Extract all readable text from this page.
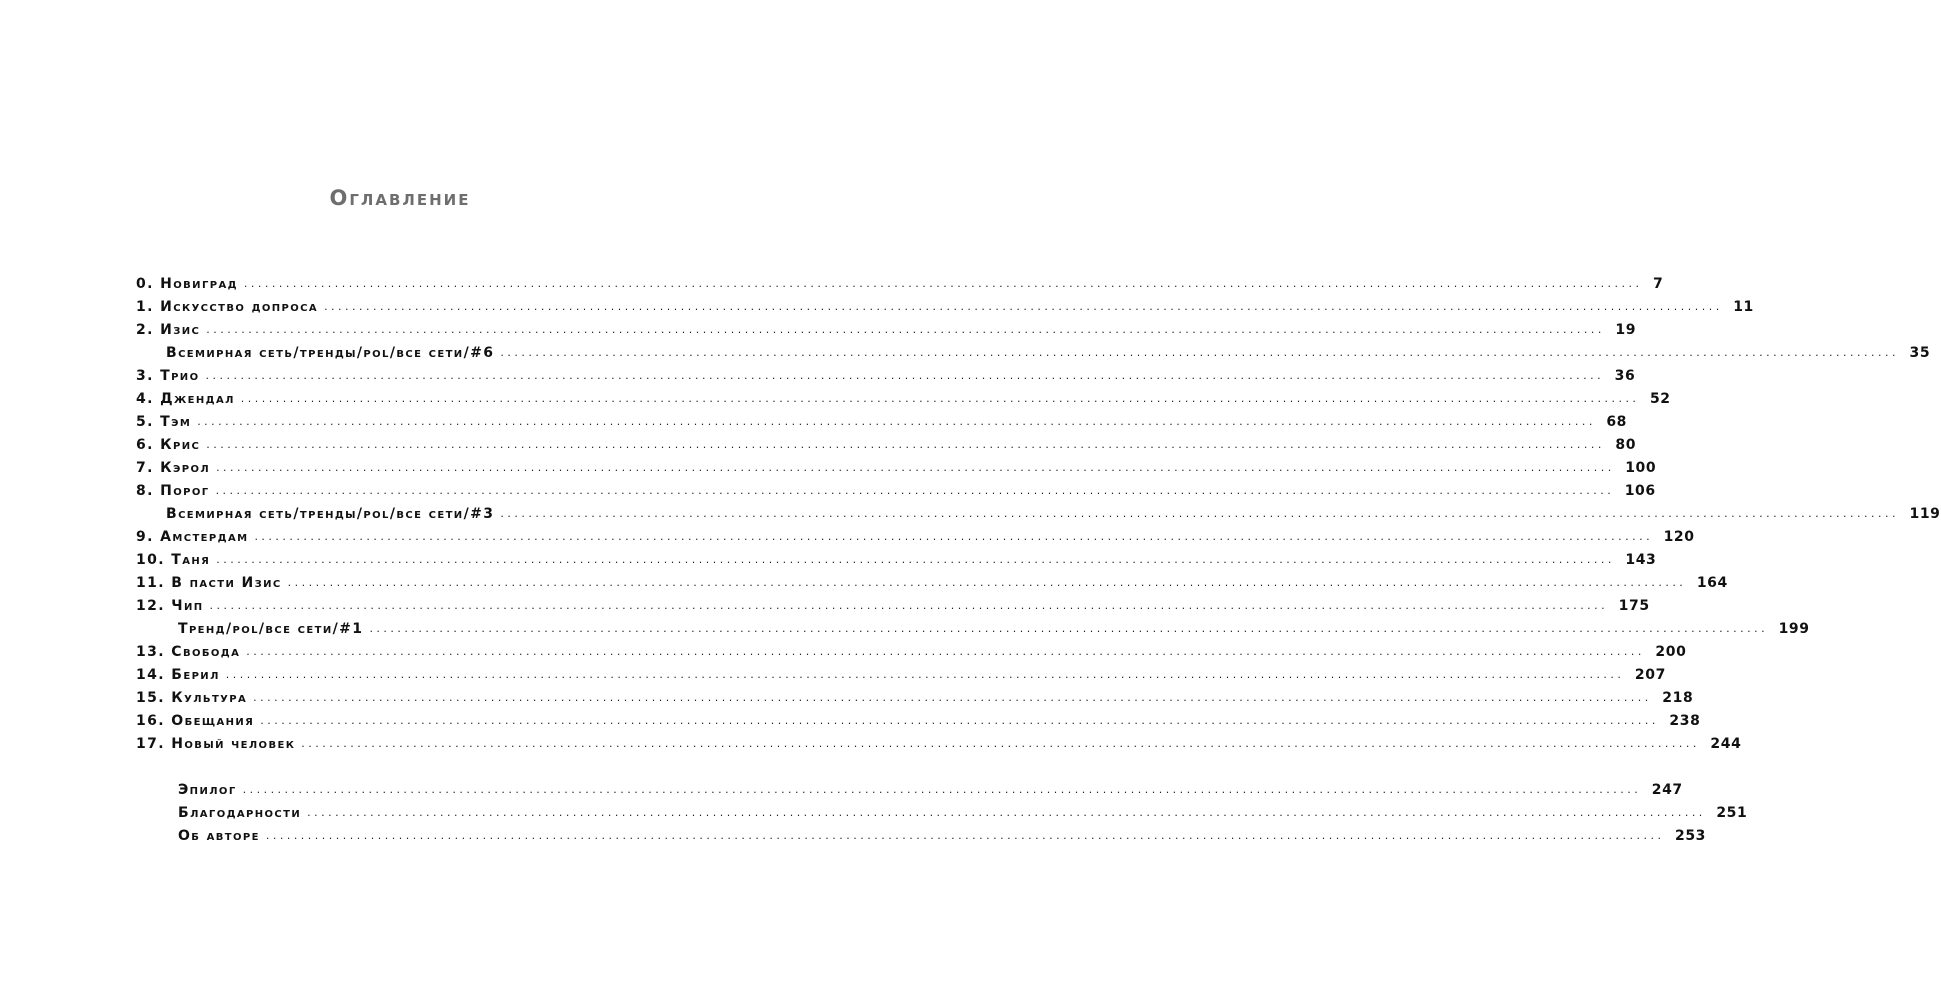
Оглавление
0. Новиград . . . . . . . . . . . . . . . . . . . . . . . . . . . . . . . . . . . . . . . . . . . . . . . . . . . . . . . . . . . . . . . . . . . . . . . . . . . . . . . . . . . . . . . . . . . . . . . . . . . . . . . . . . . . . . . . . . . . . . . . . . . . . . . . . . . . . . . . . . . . . . . . . . . . . . . . . . . . . . . . . . . . . . . . . . . . . . . . . . . . . . . . . . . . . . . . . . . . . . . . 7
1. Искусство допроса . . . . . . . . . . . . . . . . . . . . . . . . . . . . . . . . . . . . . . . . . . . . . . . . . . . . . . . . . . . . . . . . . . . . . . . . . . . . . . . . . . . . . . . . . . . . . . . . . . . . . . . . . . . . . . . . . . . . . . . . . . . . . . . . . . . . . . . . . . . . . . . . . . . . . . . . . . . . . . . . . . . . . . . . . . . . . . . . . . . . . . . . . . . . . . . . . . . . . . . . 11
2. Изис . . . . . . . . . . . . . . . . . . . . . . . . . . . . . . . . . . . . . . . . . . . . . . . . . . . . . . . . . . . . . . . . . . . . . . . . . . . . . . . . . . . . . . . . . . . . . . . . . . . . . . . . . . . . . . . . . . . . . . . . . . . . . . . . . . . . . . . . . . . . . . . . . . . . . . . . . . . . . . . . . . . . . . . . . . . . . . . . . . . . . . . . . . . . . . . . . . . . . . . . 19
Всемирная сеть/тренды/pol/все сети/#6 . . . . . . . . . . . . . . . . . . . . . . . . . . . . . . . . . . . . . . . . . . . . . . . . . . . . . . . . . . . . . . . . . . . . . . . . . . . . . . . . . . . . . . . . . . . . . . . . . . . . . . . . . . . . . . . . . . . . . . . . . . . . . . . . . . . . . . . . . . . . . . . . . . . . . . . . . . . . . . . . . . . . . . . . . . . . . . . . . . . . . . . . . . . . . . . . . . . . . . . . 35
3. Трио . . . . . . . . . . . . . . . . . . . . . . . . . . . . . . . . . . . . . . . . . . . . . . . . . . . . . . . . . . . . . . . . . . . . . . . . . . . . . . . . . . . . . . . . . . . . . . . . . . . . . . . . . . . . . . . . . . . . . . . . . . . . . . . . . . . . . . . . . . . . . . . . . . . . . . . . . . . . . . . . . . . . . . . . . . . . . . . . . . . . . . . . . . . . . . . . . . . . . . . . 36
4. Джендал . . . . . . . . . . . . . . . . . . . . . . . . . . . . . . . . . . . . . . . . . . . . . . . . . . . . . . . . . . . . . . . . . . . . . . . . . . . . . . . . . . . . . . . . . . . . . . . . . . . . . . . . . . . . . . . . . . . . . . . . . . . . . . . . . . . . . . . . . . . . . . . . . . . . . . . . . . . . . . . . . . . . . . . . . . . . . . . . . . . . . . . . . . . . . . . . . . . . . . . . 52
5. Тэм . . . . . . . . . . . . . . . . . . . . . . . . . . . . . . . . . . . . . . . . . . . . . . . . . . . . . . . . . . . . . . . . . . . . . . . . . . . . . . . . . . . . . . . . . . . . . . . . . . . . . . . . . . . . . . . . . . . . . . . . . . . . . . . . . . . . . . . . . . . . . . . . . . . . . . . . . . . . . . . . . . . . . . . . . . . . . . . . . . . . . . . . . . . . . . . . . . . . . . . . 68
6. Крис . . . . . . . . . . . . . . . . . . . . . . . . . . . . . . . . . . . . . . . . . . . . . . . . . . . . . . . . . . . . . . . . . . . . . . . . . . . . . . . . . . . . . . . . . . . . . . . . . . . . . . . . . . . . . . . . . . . . . . . . . . . . . . . . . . . . . . . . . . . . . . . . . . . . . . . . . . . . . . . . . . . . . . . . . . . . . . . . . . . . . . . . . . . . . . . . . . . . . . . . 80
7. Кэрол . . . . . . . . . . . . . . . . . . . . . . . . . . . . . . . . . . . . . . . . . . . . . . . . . . . . . . . . . . . . . . . . . . . . . . . . . . . . . . . . . . . . . . . . . . . . . . . . . . . . . . . . . . . . . . . . . . . . . . . . . . . . . . . . . . . . . . . . . . . . . . . . . . . . . . . . . . . . . . . . . . . . . . . . . . . . . . . . . . . . . . . . . . . . . . . . . . . . . . . . 100
8. Порог . . . . . . . . . . . . . . . . . . . . . . . . . . . . . . . . . . . . . . . . . . . . . . . . . . . . . . . . . . . . . . . . . . . . . . . . . . . . . . . . . . . . . . . . . . . . . . . . . . . . . . . . . . . . . . . . . . . . . . . . . . . . . . . . . . . . . . . . . . . . . . . . . . . . . . . . . . . . . . . . . . . . . . . . . . . . . . . . . . . . . . . . . . . . . . . . . . . . . . . . 106
Всемирная сеть/тренды/pol/все сети/#3 . . . . . . . . . . . . . . . . . . . . . . . . . . . . . . . . . . . . . . . . . . . . . . . . . . . . . . . . . . . . . . . . . . . . . . . . . . . . . . . . . . . . . . . . . . . . . . . . . . . . . . . . . . . . . . . . . . . . . . . . . . . . . . . . . . . . . . . . . . . . . . . . . . . . . . . . . . . . . . . . . . . . . . . . . . . . . . . . . . . . . . . . . . . . . . . . . . . . . . . . 119
9. Амстердам . . . . . . . . . . . . . . . . . . . . . . . . . . . . . . . . . . . . . . . . . . . . . . . . . . . . . . . . . . . . . . . . . . . . . . . . . . . . . . . . . . . . . . . . . . . . . . . . . . . . . . . . . . . . . . . . . . . . . . . . . . . . . . . . . . . . . . . . . . . . . . . . . . . . . . . . . . . . . . . . . . . . . . . . . . . . . . . . . . . . . . . . . . . . . . . . . . . . . . . . 120
10. Таня . . . . . . . . . . . . . . . . . . . . . . . . . . . . . . . . . . . . . . . . . . . . . . . . . . . . . . . . . . . . . . . . . . . . . . . . . . . . . . . . . . . . . . . . . . . . . . . . . . . . . . . . . . . . . . . . . . . . . . . . . . . . . . . . . . . . . . . . . . . . . . . . . . . . . . . . . . . . . . . . . . . . . . . . . . . . . . . . . . . . . . . . . . . . . . . . . . . . . . . . 143
11. В пасти Изис . . . . . . . . . . . . . . . . . . . . . . . . . . . . . . . . . . . . . . . . . . . . . . . . . . . . . . . . . . . . . . . . . . . . . . . . . . . . . . . . . . . . . . . . . . . . . . . . . . . . . . . . . . . . . . . . . . . . . . . . . . . . . . . . . . . . . . . . . . . . . . . . . . . . . . . . . . . . . . . . . . . . . . . . . . . . . . . . . . . . . . . . . . . . . . . . . . . . . . . . 164
12. Чип . . . . . . . . . . . . . . . . . . . . . . . . . . . . . . . . . . . . . . . . . . . . . . . . . . . . . . . . . . . . . . . . . . . . . . . . . . . . . . . . . . . . . . . . . . . . . . . . . . . . . . . . . . . . . . . . . . . . . . . . . . . . . . . . . . . . . . . . . . . . . . . . . . . . . . . . . . . . . . . . . . . . . . . . . . . . . . . . . . . . . . . . . . . . . . . . . . . . . . . . 175
Тренд/pol/все сети/#1 . . . . . . . . . . . . . . . . . . . . . . . . . . . . . . . . . . . . . . . . . . . . . . . . . . . . . . . . . . . . . . . . . . . . . . . . . . . . . . . . . . . . . . . . . . . . . . . . . . . . . . . . . . . . . . . . . . . . . . . . . . . . . . . . . . . . . . . . . . . . . . . . . . . . . . . . . . . . . . . . . . . . . . . . . . . . . . . . . . . . . . . . . . . . . . . . . . . . . . . . 199
13. Свобода . . . . . . . . . . . . . . . . . . . . . . . . . . . . . . . . . . . . . . . . . . . . . . . . . . . . . . . . . . . . . . . . . . . . . . . . . . . . . . . . . . . . . . . . . . . . . . . . . . . . . . . . . . . . . . . . . . . . . . . . . . . . . . . . . . . . . . . . . . . . . . . . . . . . . . . . . . . . . . . . . . . . . . . . . . . . . . . . . . . . . . . . . . . . . . . . . . . . . . . . 200
14. Берил . . . . . . . . . . . . . . . . . . . . . . . . . . . . . . . . . . . . . . . . . . . . . . . . . . . . . . . . . . . . . . . . . . . . . . . . . . . . . . . . . . . . . . . . . . . . . . . . . . . . . . . . . . . . . . . . . . . . . . . . . . . . . . . . . . . . . . . . . . . . . . . . . . . . . . . . . . . . . . . . . . . . . . . . . . . . . . . . . . . . . . . . . . . . . . . . . . . . . . . . 207
15. Культура . . . . . . . . . . . . . . . . . . . . . . . . . . . . . . . . . . . . . . . . . . . . . . . . . . . . . . . . . . . . . . . . . . . . . . . . . . . . . . . . . . . . . . . . . . . . . . . . . . . . . . . . . . . . . . . . . . . . . . . . . . . . . . . . . . . . . . . . . . . . . . . . . . . . . . . . . . . . . . . . . . . . . . . . . . . . . . . . . . . . . . . . . . . . . . . . . . . . . . . . 218
16. Обещания . . . . . . . . . . . . . . . . . . . . . . . . . . . . . . . . . . . . . . . . . . . . . . . . . . . . . . . . . . . . . . . . . . . . . . . . . . . . . . . . . . . . . . . . . . . . . . . . . . . . . . . . . . . . . . . . . . . . . . . . . . . . . . . . . . . . . . . . . . . . . . . . . . . . . . . . . . . . . . . . . . . . . . . . . . . . . . . . . . . . . . . . . . . . . . . . . . . . . . . . 238
17. Новый человек . . . . . . . . . . . . . . . . . . . . . . . . . . . . . . . . . . . . . . . . . . . . . . . . . . . . . . . . . . . . . . . . . . . . . . . . . . . . . . . . . . . . . . . . . . . . . . . . . . . . . . . . . . . . . . . . . . . . . . . . . . . . . . . . . . . . . . . . . . . . . . . . . . . . . . . . . . . . . . . . . . . . . . . . . . . . . . . . . . . . . . . . . . . . . . . . . . . . . . . . 244
Эпилог . . . . . . . . . . . . . . . . . . . . . . . . . . . . . . . . . . . . . . . . . . . . . . . . . . . . . . . . . . . . . . . . . . . . . . . . . . . . . . . . . . . . . . . . . . . . . . . . . . . . . . . . . . . . . . . . . . . . . . . . . . . . . . . . . . . . . . . . . . . . . . . . . . . . . . . . . . . . . . . . . . . . . . . . . . . . . . . . . . . . . . . . . . . . . . . . . . . . . . . . 247
Благодарности . . . . . . . . . . . . . . . . . . . . . . . . . . . . . . . . . . . . . . . . . . . . . . . . . . . . . . . . . . . . . . . . . . . . . . . . . . . . . . . . . . . . . . . . . . . . . . . . . . . . . . . . . . . . . . . . . . . . . . . . . . . . . . . . . . . . . . . . . . . . . . . . . . . . . . . . . . . . . . . . . . . . . . . . . . . . . . . . . . . . . . . . . . . . . . . . . . . . . . . . 251
Об авторе . . . . . . . . . . . . . . . . . . . . . . . . . . . . . . . . . . . . . . . . . . . . . . . . . . . . . . . . . . . . . . . . . . . . . . . . . . . . . . . . . . . . . . . . . . . . . . . . . . . . . . . . . . . . . . . . . . . . . . . . . . . . . . . . . . . . . . . . . . . . . . . . . . . . . . . . . . . . . . . . . . . . . . . . . . . . . . . . . . . . . . . . . . . . . . . . . . . . . . . . 253
